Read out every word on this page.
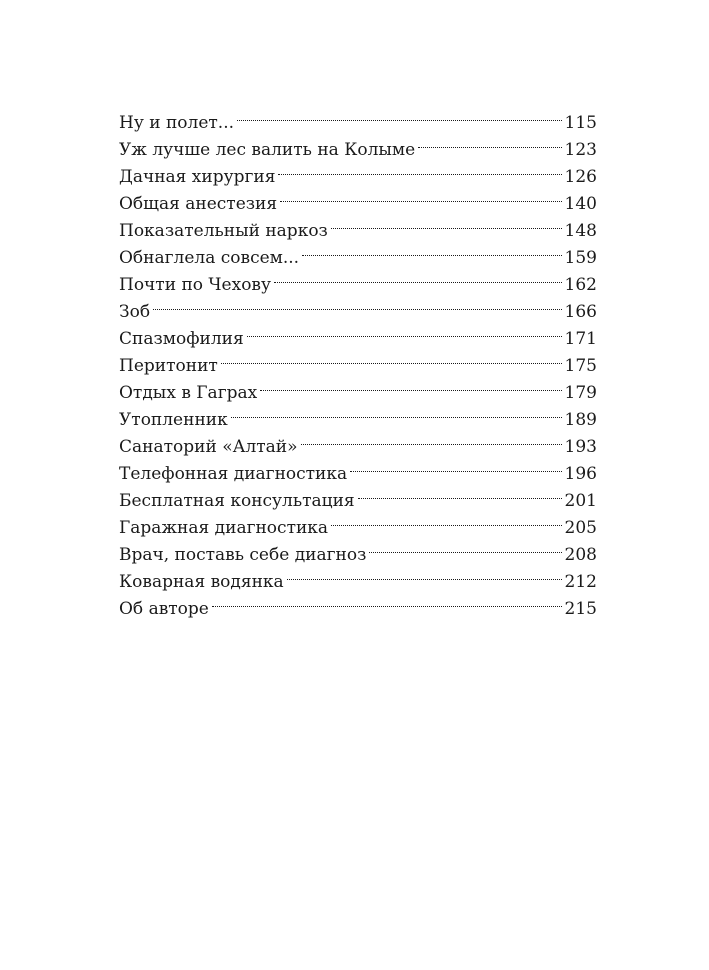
Ну и полет...	115
Уж лучше лес валить на Колыме	123
Дачная хирургия	126
Общая анестезия	140
Показательный наркоз	148
Обнаглела совсем...	159
Почти по Чехову	162
Зоб	166
Спазмофилия	171
Перитонит	175
Отдых в Гаграх	179
Утопленник	189
Санаторий «Алтай»	193
Телефонная диагностика	196
Бесплатная консультация	201
Гаражная диагностика	205
Врач, поставь себе диагноз	208
Коварная водянка	212
Об авторе	215
